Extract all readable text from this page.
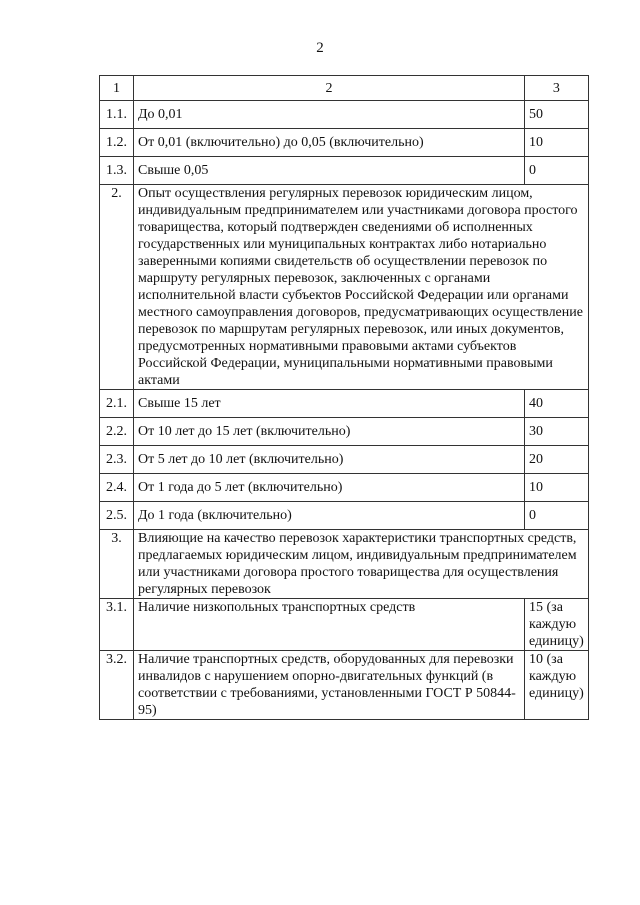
2
1	2	3
1.1.	До 0,01	50
1.2.	От 0,01 (включительно) до 0,05 (включительно)	10
1.3.	Свыше 0,05	0
2.	Опыт осуществления регулярных перевозок юридическим лицом, индивидуальным предпринимателем или участниками договора простого товарищества, который подтвержден сведениями об исполненных государственных или муниципальных контрактах либо нотариально заверенными копиями свидетельств об осуществлении перевозок по маршруту регулярных перевозок, заключенных с органами исполнительной власти субъектов Российской Федерации или органами местного самоуправления договоров, предусматривающих осуществление перевозок по маршрутам регулярных перевозок, или иных документов, предусмотренных нормативными правовыми актами субъектов Российской Федерации, муниципальными нормативными правовыми актами	
2.1.	Свыше 15 лет	40
2.2.	От 10 лет до 15 лет (включительно)	30
2.3.	От 5 лет до 10 лет (включительно)	20
2.4.	От 1 года до 5 лет (включительно)	10
2.5.	До 1 года (включительно)	0
3.	Влияющие на качество перевозок характеристики транспортных средств, предлагаемых юридическим лицом, индивидуальным предпринимателем или участниками договора простого товарищества для осуществления регулярных перевозок	
3.1.	Наличие низкопольных транспортных средств	15 (за каждую единицу)
3.2.	Наличие транспортных средств, оборудованных для перевозки инвалидов с нарушением опорно-двигательных функций (в соответствии с требованиями, установленными ГОСТ Р 50844-95)	10 (за каждую единицу)
